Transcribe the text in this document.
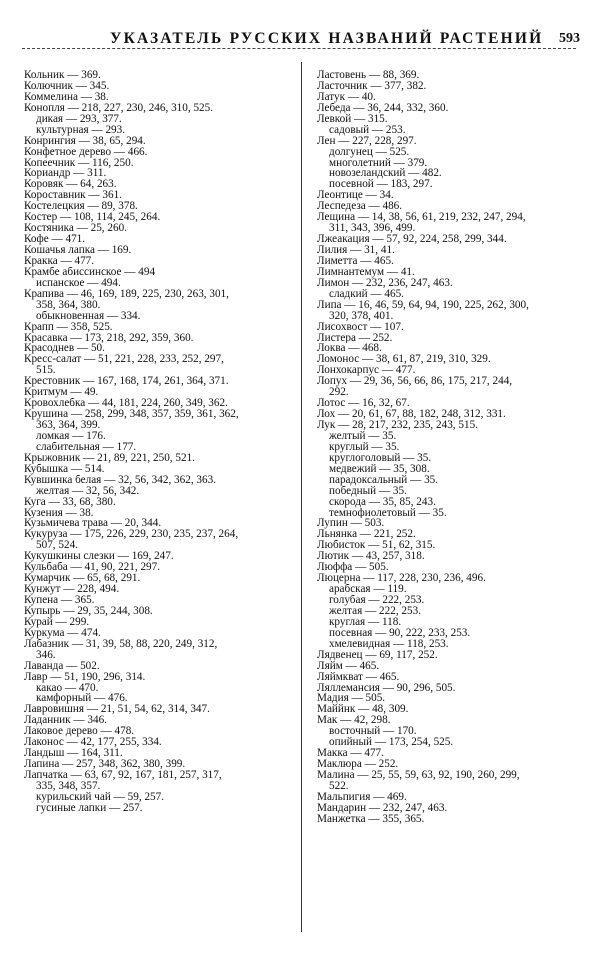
УКАЗАТЕЛЬ РУССКИХ НАЗВАНИЙ РАСТЕНИЙ 593
Кольник — 369.
Колючник — 345.
Коммелина — 38.
Конопля — 218, 227, 230, 246, 310, 525.
дикая — 293, 377.
культурная — 293.
Конрингия — 38, 65, 294.
Конфетное дерево — 466.
Копеечник — 116, 250.
Кориандр — 311.
Коровяк — 64, 263.
Короставник — 361.
Костелецкия — 89, 378.
Костер — 108, 114, 245, 264.
Костяника — 25, 260.
Кофе — 471.
Кошачья лапка — 169.
Кракка — 477.
Крамбе абиссинское — 494
испанское — 494.
Крапива — 46, 169, 189, 225, 230, 263, 301,
358, 364, 380.
обыкновенная — 334.
Крапп — 358, 525.
Красавка — 173, 218, 292, 359, 360.
Красоднев — 50.
Кресс-салат — 51, 221, 228, 233, 252, 297,
515.
Крестовник — 167, 168, 174, 261, 364, 371.
Критмум — 49.
Кровохлебка — 44, 181, 224, 260, 349, 362.
Крушина — 258, 299, 348, 357, 359, 361, 362,
363, 364, 399.
ломкая — 176.
слабительная — 177.
Крыжовник — 21, 89, 221, 250, 521.
Кубышка — 514.
Кувшинка белая — 32, 56, 342, 362, 363.
желтая — 32, 56, 342.
Куга — 33, 68, 380.
Кузения — 38.
Кузьмичева трава — 20, 344.
Кукуруза — 175, 226, 229, 230, 235, 237, 264,
507, 524.
Кукушкины слезки — 169, 247.
Кульбаба — 41, 90, 221, 297.
Кумарчик — 65, 68, 291.
Кунжут — 228, 494.
Купена — 365.
Купырь — 29, 35, 244, 308.
Курай — 299.
Куркума — 474.
Лабазник — 31, 39, 58, 88, 220, 249, 312,
346.
Лаванда — 502.
Лавр — 51, 190, 296, 314.
какао — 470.
камфорный — 476.
Лавровишня — 21, 51, 54, 62, 314, 347.
Ладанник — 346.
Лаковое дерево — 478.
Лаконос — 42, 177, 255, 334.
Ландыш — 164, 311.
Лапина — 257, 348, 362, 380, 399.
Лапчатка — 63, 67, 92, 167, 181, 257, 317,
335, 348, 357.
курильский чай — 59, 257.
гусиные лапки — 257.
Ластовень — 88, 369.
Ласточник — 377, 382.
Латук — 40.
Лебеда — 36, 244, 332, 360.
Левкой — 315.
садовый — 253.
Лен — 227, 228, 297.
долгунец — 525.
многолетний — 379.
новозеландский — 482.
посевной — 183, 297.
Леонтице — 34.
Леспедеза — 486.
Лещина — 14, 38, 56, 61, 219, 232, 247, 294,
311, 343, 396, 499.
Лжеакация — 57, 92, 224, 258, 299, 344.
Лилия — 31, 41.
Лиметта — 465.
Лимнантемум — 41.
Лимон — 232, 236, 247, 463.
сладкий — 465.
Липа — 16, 46, 59, 64, 94, 190, 225, 262, 300,
320, 378, 401.
Лисохвост — 107.
Листера — 252.
Локва — 468.
Ломонос — 38, 61, 87, 219, 310, 329.
Лонхокарпус — 477.
Лопух — 29, 36, 56, 66, 86, 175, 217, 244,
292.
Лотос — 16, 32, 67.
Лох — 20, 61, 67, 88, 182, 248, 312, 331.
Лук — 28, 217, 232, 235, 243, 515.
желтый — 35.
круглый — 35.
круглоголовый — 35.
медвежий — 35, 308.
парадоксальный — 35.
победный — 35.
скорода — 35, 85, 243.
темнофиолетовый — 35.
Лупин — 503.
Льнянка — 221, 252.
Любисток — 51, 62, 315.
Лютик — 43, 257, 318.
Люффа — 505.
Люцерна — 117, 228, 230, 236, 496.
арабская — 119.
голубая — 222, 253.
желтая — 222, 253.
круглая — 118.
посевная — 90, 222, 233, 253.
хмелевидная — 118, 253.
Лядвенец — 69, 117, 252.
Ляйм — 465.
Ляймкват — 465.
Ляллемансия — 90, 296, 505.
Мадия — 505.
Маййнк — 48, 309.
Мак — 42, 298.
восточный — 170.
опийный — 173, 254, 525.
Макка — 477.
Маклюра — 252.
Малина — 25, 55, 59, 63, 92, 190, 260, 299,
522.
Мальпигия — 469.
Мандарин — 232, 247, 463.
Манжетка — 355, 365.
